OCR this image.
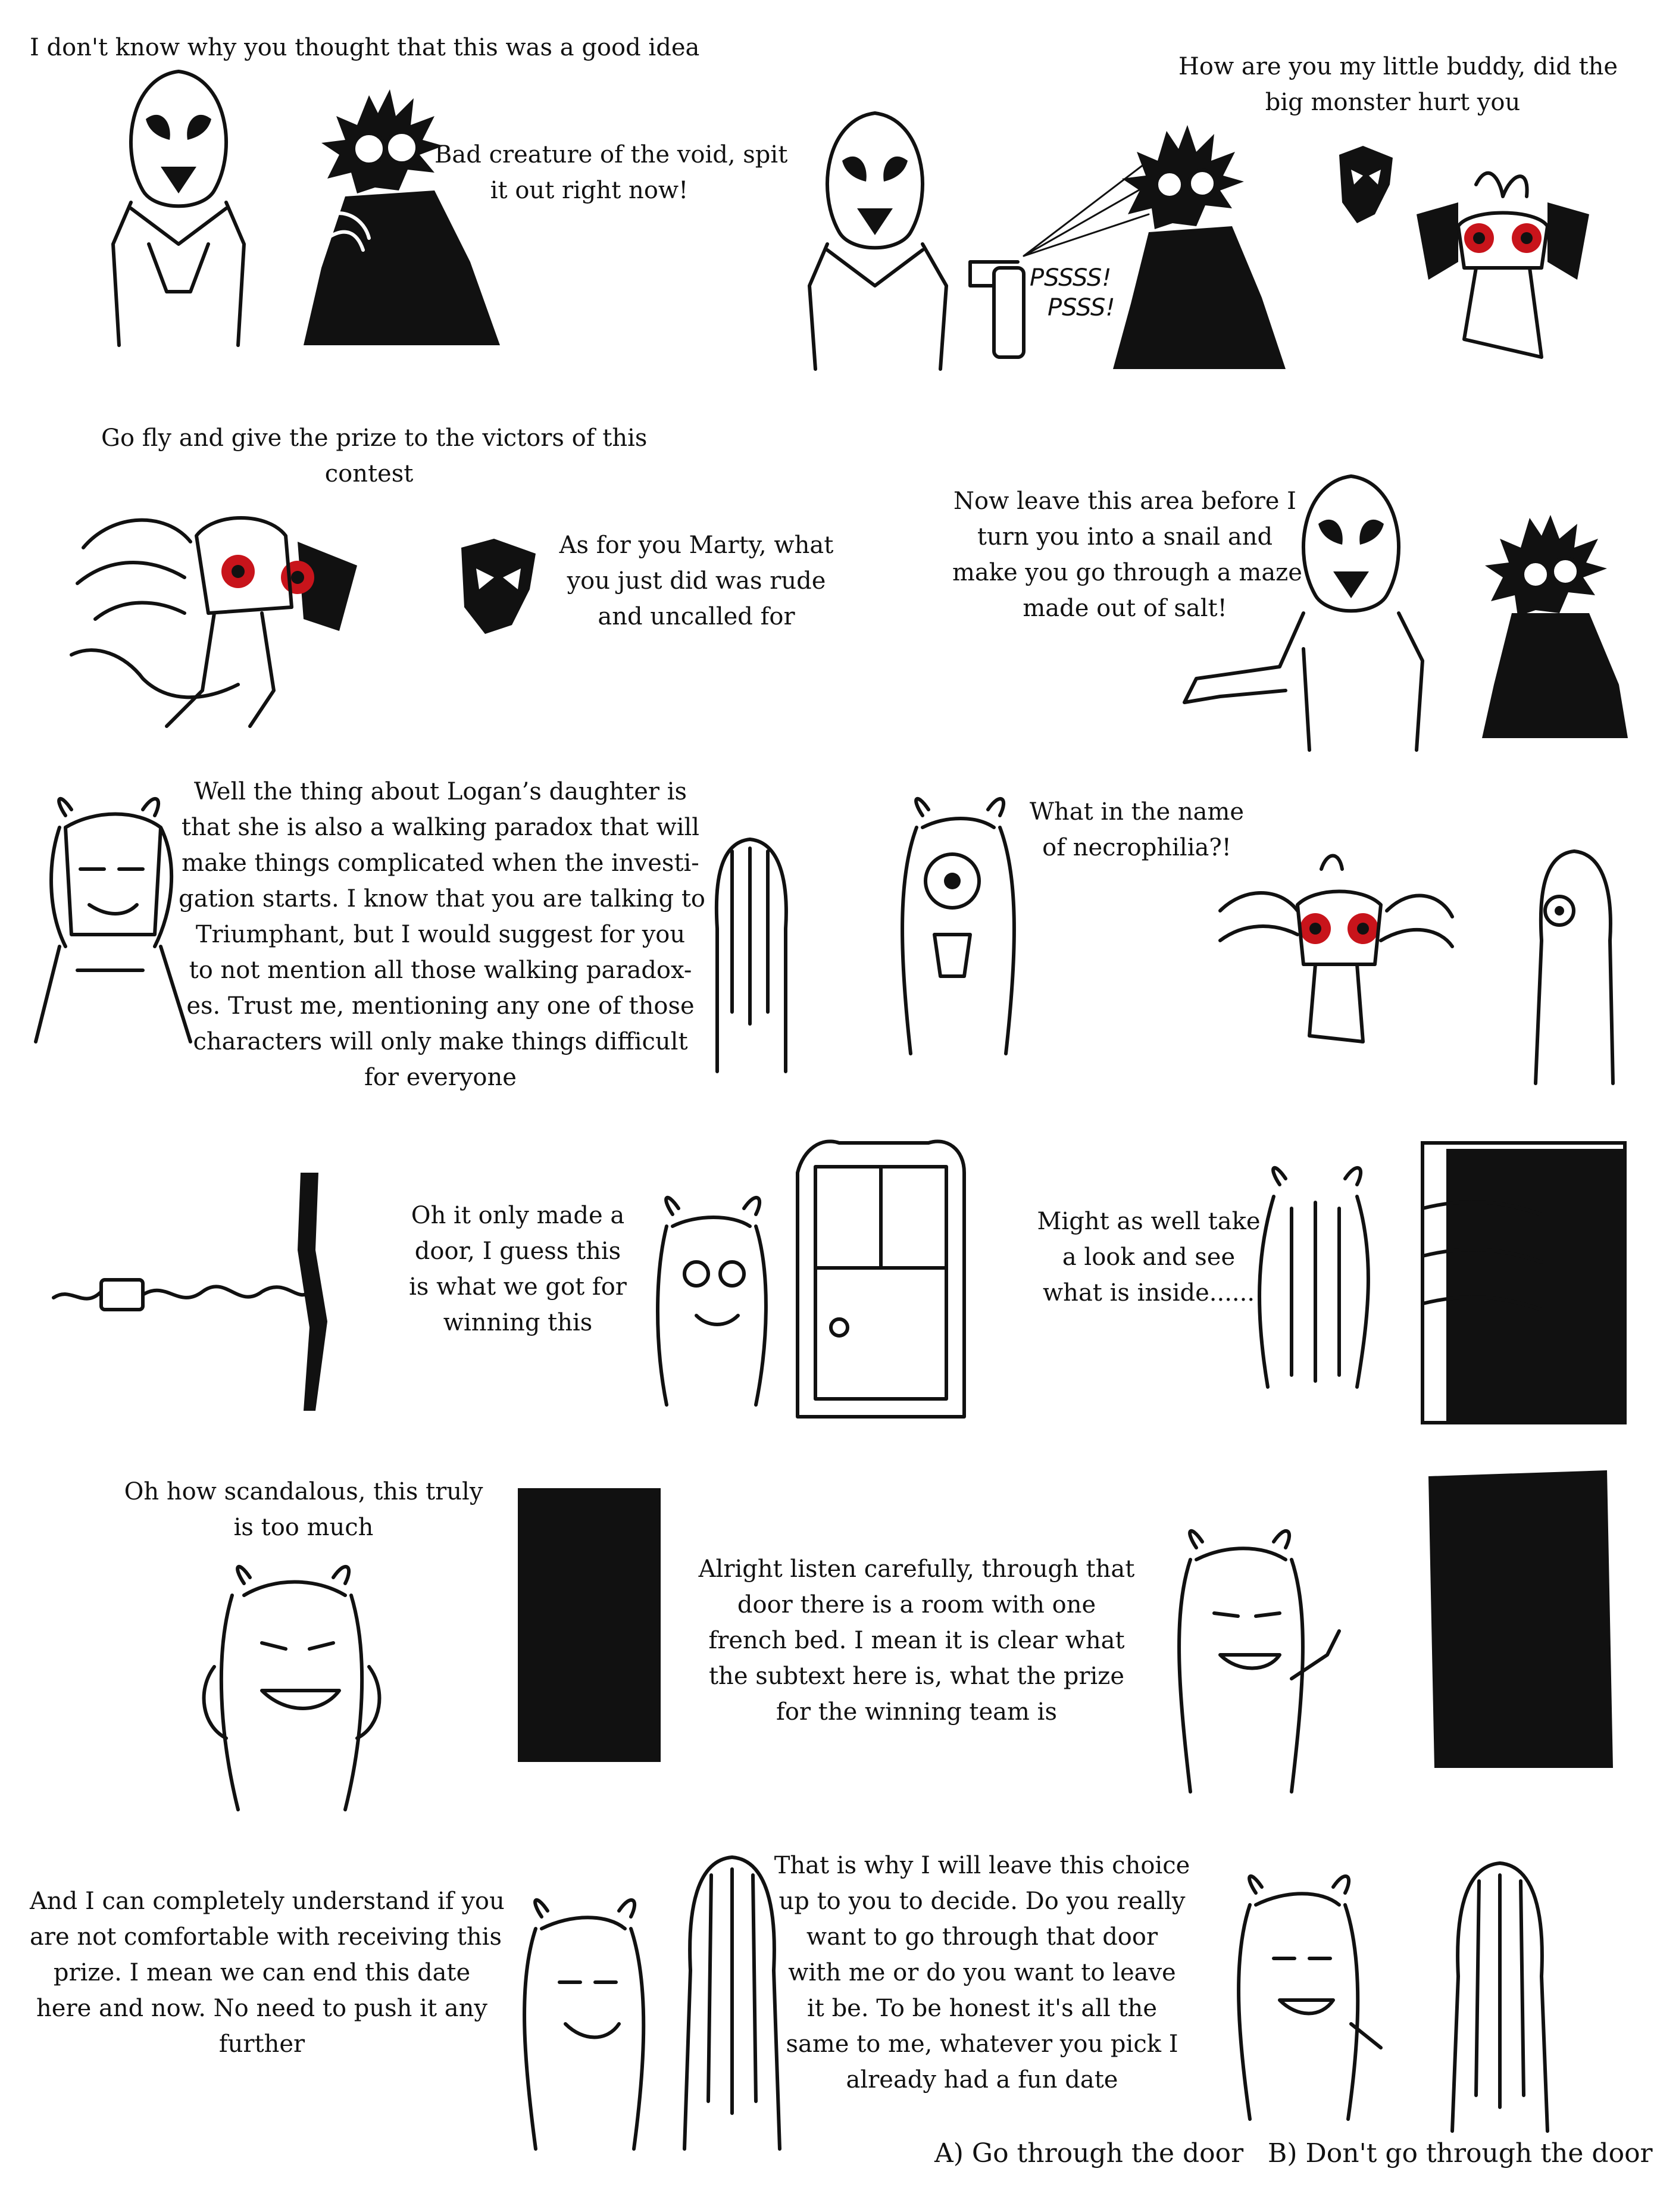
I don't know why you thought that this was a good idea

Bad creature of the void, spit
it out right now!

How are you my little buddy, did the
big monster hurt you

Go fly and give the prize to the victors of this
contest

As for you Marty, what
you just did was rude
and uncalled for

Now leave this area before I
turn you into a snail and
make you go through a maze
made out of salt!

Well the thing about Logan’s daughter is
that she is also a walking paradox that will
make things complicated when the investi-
gation starts. I know that you are talking to
Triumphant, but I would suggest for you
to not mention all those walking paradox-
es. Trust me, mentioning any one of those
characters will only make things difficult
for everyone

What in the name
of necrophilia?!

Oh it only made a
door, I guess this
is what we got for
winning this

Might as well take
a look and see
what is inside......

Oh how scandalous, this truly
is too much

Alright listen carefully, through that
door there is a room with one
french bed. I mean it is clear what
the subtext here is, what the prize
for the winning team is

And I can completely understand if you
are not comfortable with receiving this
prize. I mean we can end this date
here and now. No need to push it any
further

That is why I will leave this choice
up to you to decide. Do you really
want to go through that door
with me or do you want to leave
it be. To be honest it's all the
same to me, whatever you pick I
already had a fun date

A) Go through the door B) Don't go through the door
PSSSS!
PSSS!
